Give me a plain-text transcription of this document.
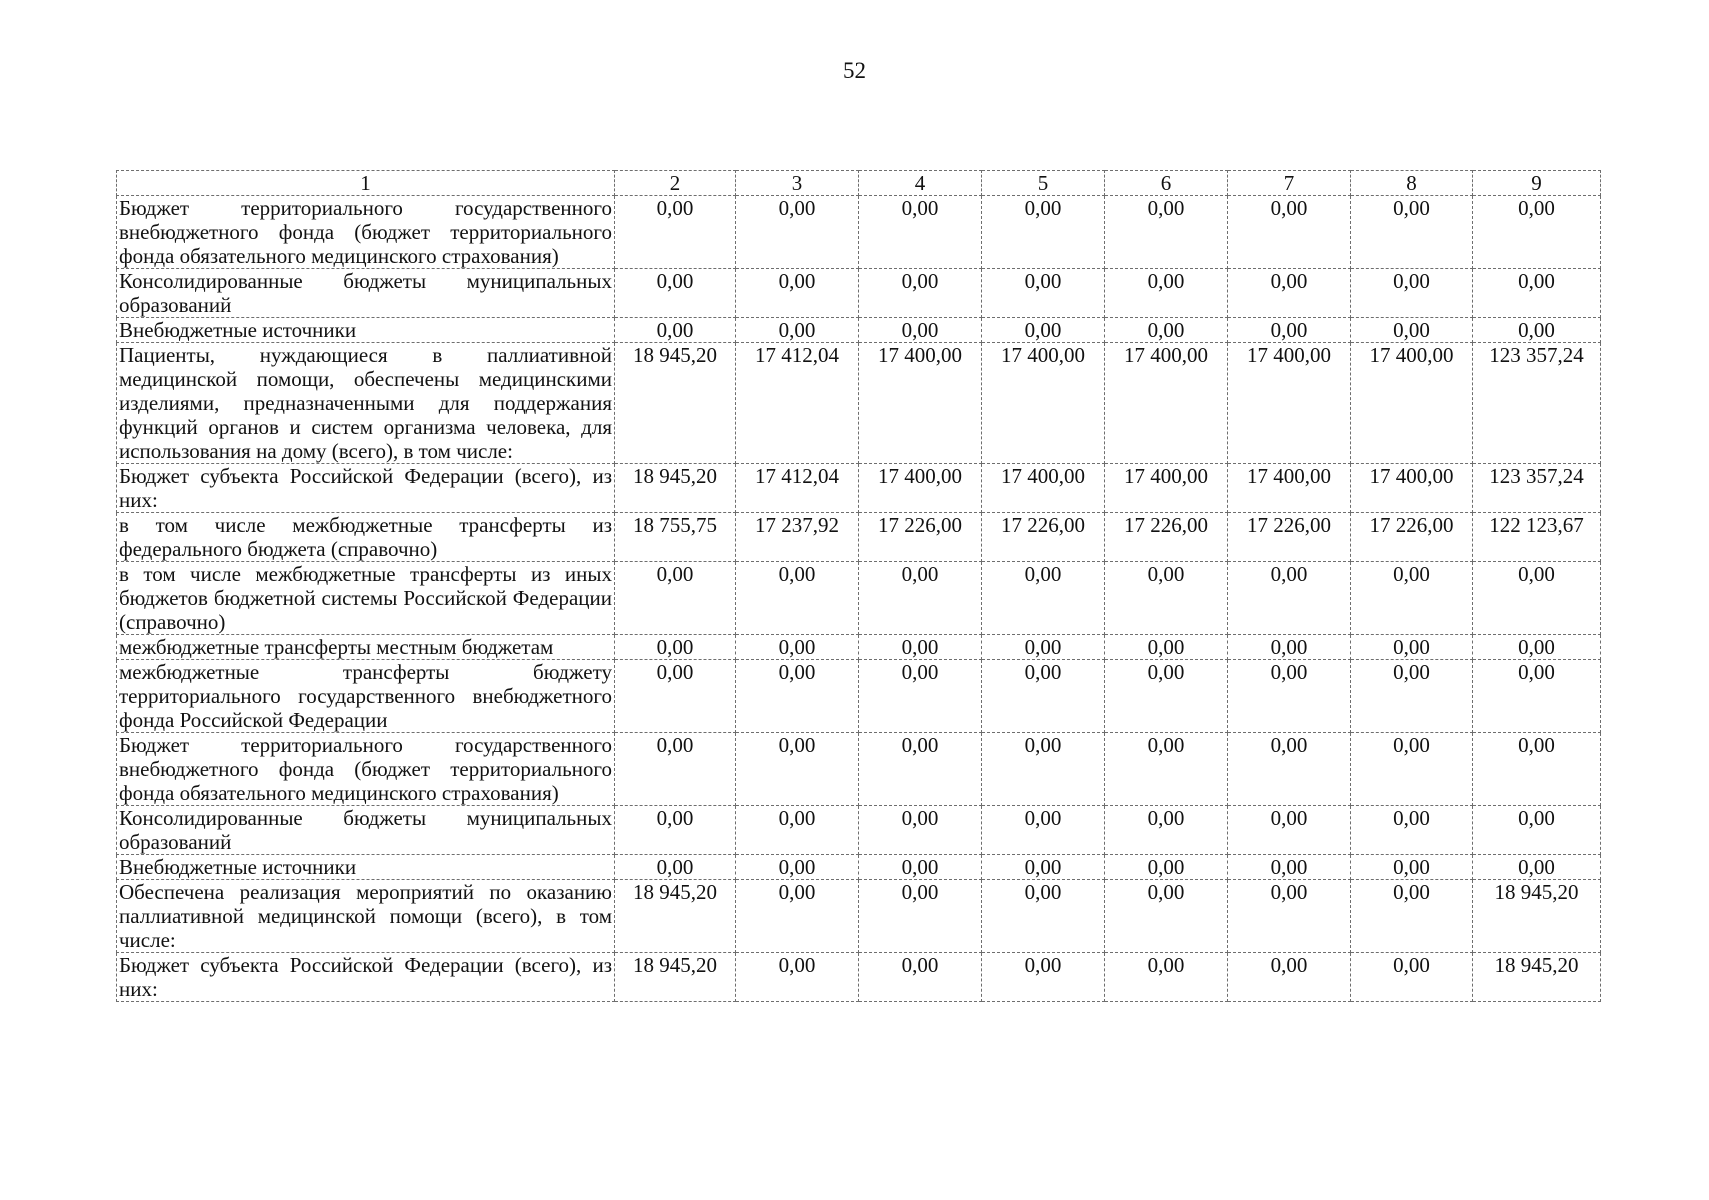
52
1	2	3	4	5	6	7	8	9
Бюджет территориального государственного внебюджетного фонда (бюджет территориального фонда обязательного медицинского страхования)	0,00	0,00	0,00	0,00	0,00	0,00	0,00	0,00
Консолидированные бюджеты муниципальных образований	0,00	0,00	0,00	0,00	0,00	0,00	0,00	0,00
Внебюджетные источники	0,00	0,00	0,00	0,00	0,00	0,00	0,00	0,00
Пациенты, нуждающиеся в паллиативной медицинской помощи, обеспечены медицинскими изделиями, предназначенными для поддержания функций органов и систем организма человека, для использования на дому (всего), в том числе:	18 945,20	17 412,04	17 400,00	17 400,00	17 400,00	17 400,00	17 400,00	123 357,24
Бюджет субъекта Российской Федерации (всего), из них:	18 945,20	17 412,04	17 400,00	17 400,00	17 400,00	17 400,00	17 400,00	123 357,24
в том числе межбюджетные трансферты из федерального бюджета (справочно)	18 755,75	17 237,92	17 226,00	17 226,00	17 226,00	17 226,00	17 226,00	122 123,67
в том числе межбюджетные трансферты из иных бюджетов бюджетной системы Российской Федерации (справочно)	0,00	0,00	0,00	0,00	0,00	0,00	0,00	0,00
межбюджетные трансферты местным бюджетам	0,00	0,00	0,00	0,00	0,00	0,00	0,00	0,00
межбюджетные трансферты бюджету территориального государственного внебюджетного фонда Российской Федерации	0,00	0,00	0,00	0,00	0,00	0,00	0,00	0,00
Бюджет территориального государственного внебюджетного фонда (бюджет территориального фонда обязательного медицинского страхования)	0,00	0,00	0,00	0,00	0,00	0,00	0,00	0,00
Консолидированные бюджеты муниципальных образований	0,00	0,00	0,00	0,00	0,00	0,00	0,00	0,00
Внебюджетные источники	0,00	0,00	0,00	0,00	0,00	0,00	0,00	0,00
Обеспечена реализация мероприятий по оказанию паллиативной медицинской помощи (всего), в том числе:	18 945,20	0,00	0,00	0,00	0,00	0,00	0,00	18 945,20
Бюджет субъекта Российской Федерации (всего), из них:	18 945,20	0,00	0,00	0,00	0,00	0,00	0,00	18 945,20
